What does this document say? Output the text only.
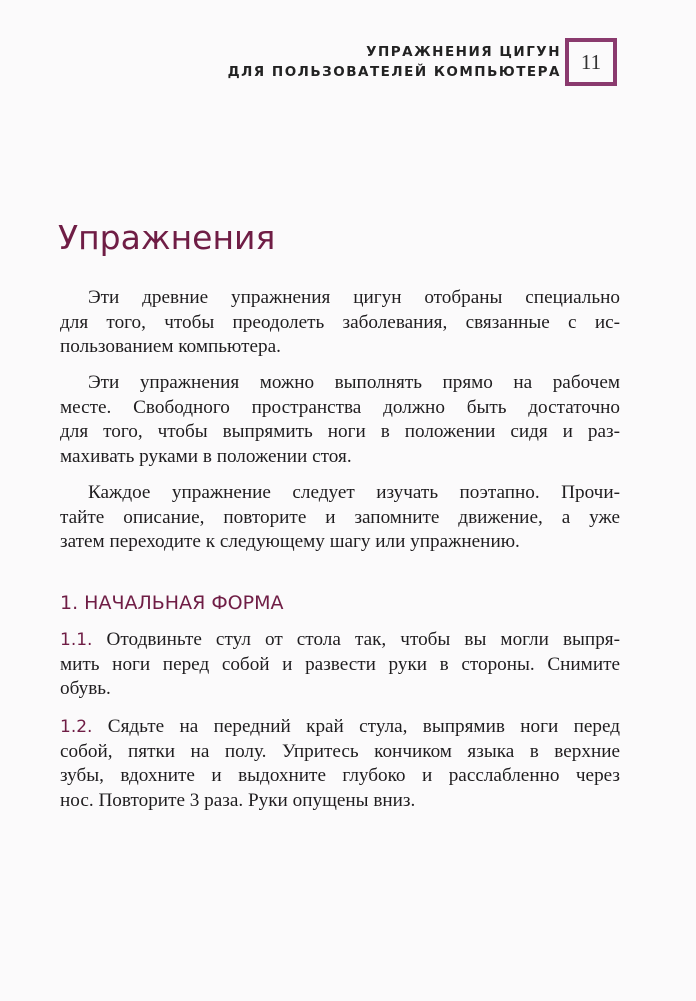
УПРАЖНЕНИЯ ЦИГУН
ДЛЯ ПОЛЬЗОВАТЕЛЕЙ КОМПЬЮТЕРА 11
Упражнения
Эти древние упражнения цигун отобраны специально
для того, чтобы преодолеть заболевания, связанные с ис-
пользованием компьютера.
Эти упражнения можно выполнять прямо на рабочем
месте. Свободного пространства должно быть достаточно
для того, чтобы выпрямить ноги в положении сидя и раз-
махивать руками в положении стоя.
Каждое упражнение следует изучать поэтапно. Прочи-
тайте описание, повторите и запомните движение, а уже
затем переходите к следующему шагу или упражнению.
1. НАЧАЛЬНАЯ ФОРМА
1.1. Отодвиньте стул от стола так, чтобы вы могли выпря-
мить ноги перед собой и развести руки в стороны. Снимите
обувь.
1.2. Сядьте на передний край стула, выпрямив ноги перед
собой, пятки на полу. Упритесь кончиком языка в верхние
зубы, вдохните и выдохните глубоко и расслабленно через
нос. Повторите 3 раза. Руки опущены вниз.
